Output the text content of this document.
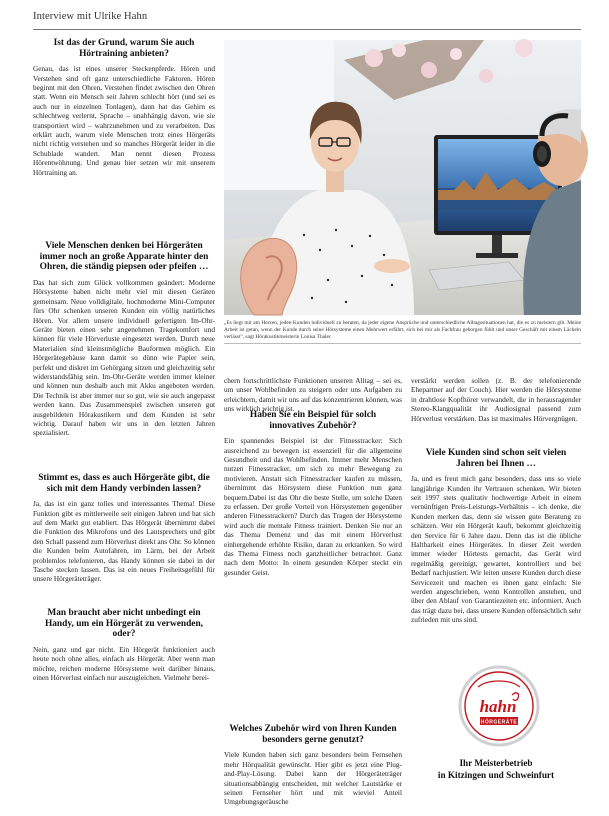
Interview mit Ulrike Hahn
Ist das der Grund, warum Sie auch Hörtraining anbieten?

Genau, das ist eines unserer Steckenpferde. Hören und Verstehen sind oft ganz unterschiedliche Faktoren. Hören beginnt mit den Ohren, Verstehen findet zwischen den Ohren statt. Wenn ein Mensch seit Jahren schlecht hört (und sei es auch nur in einzelnen Tonlagen), dann hat das Gehirn es schlechtweg verlernt, Sprache – unabhängig davon, wie sie transportiert wird – wahrzunehmen und zu verarbeiten. Das erklärt auch, warum viele Menschen trotz eines Hörgeräts nicht richtig verstehen und so manches Hörgerät leider in die Schublade wandert. Man nennt diesen Prozess Hörentwöhnung. Und genau hier setzen wir mit unserem Hörtraining an.

Viele Menschen denken bei Hörgeräten immer noch an große Apparate hinter den Ohren, die ständig piepsen oder pfeifen …

Das hat sich zum Glück vollkommen geändert: Moderne Hörsysteme haben nicht mehr viel mit diesen Geräten gemeinsam. Neue volldigitale, hochmoderne Mini-Computer fürs Ohr schenken unseren Kunden ein völlig natürliches Hören. Vor allem unsere individuell gefertigten Im-Ohr-Geräte bieten einen sehr angenehmen Tragekomfort und können für viele Hörverluste eingesetzt werden. Durch neue Materialien sind kleinstmögliche Bauformen möglich. Ein Hörgerätegehäuse kann damit so dünn wie Papier sein, perfekt und diskret im Gehörgang sitzen und gleichzeitig sehr widerstandsfähig sein. Im-Ohr-Geräte werden immer kleiner und können nun deshalb auch mit Akku angeboten werden. Die Technik ist aber immer nur so gut, wie sie auch angepasst werden kann. Das Zusammenspiel zwischen unseren gut ausgebildeten Hörakustikern und dem Kunden ist sehr wichtig. Darauf haben wir uns in den letzten Jahren spezialisiert.

Stimmt es, dass es auch Hörgeräte gibt, die sich mit dem Handy verbinden lassen?

Ja, das ist ein ganz tolles und interessantes Thema! Diese Funktion gibt es mittlerweile seit einigen Jahren und hat sich auf dem Markt gut etabliert. Das Hörgerät übernimmt dabei die Funktion des Mikrofons und des Lautsprechers und gibt den Schall passend zum Hörverlust direkt ans Ohr. So können die Kunden beim Autofahren, im Lärm, bei der Arbeit problemlos telefonieren, das Handy können sie dabei in der Tasche stecken lassen. Das ist ein neues Freiheitsgefühl für unsere Hörgeräteträger.

Man braucht aber nicht unbedingt ein Handy, um ein Hörgerät zu verwenden, oder?

Nein, ganz und gar nicht. Ein Hörgerät funktioniert auch heute noch ohne alles, einfach als Hörgerät. Aber wenn man möchte, reichen moderne Hörsysteme weit darüber hinaus, einen Hörverlust einfach nur auszugleichen. Vielmehr berei-

„Es liegt mir am Herzen, jeden Kunden individuell zu beraten, da jeder eigene Ansprüche und unterschiedliche Alltagssituationen hat, die es zu meistern gilt. Meine Arbeit ist getan, wenn der Kunde durch seine Hörsysteme einen Mehrwert erfährt, sich bei mir als Fachfrau geborgen fühlt und unser Geschäft mit einem Lächeln verlässt", sagt Hörakustikmeisterin Louisa Thaler.

chern fortschrittlichste Funktionen unseren Alltag – sei es, um unser Wohlbefinden zu steigern oder uns Aufgaben zu erleichtern, damit wir uns auf das konzentrieren können, was uns wirklich wichtig ist.

Haben Sie ein Beispiel für solch innovatives Zubehör?

Ein spannendes Beispiel ist der Fitnesstracker: Sich ausreichend zu bewegen ist essenziell für die allgemeine Gesundheit und das Wohlbefinden. Immer mehr Menschen nutzen Fitnesstracker, um sich zu mehr Bewegung zu motivieren. Anstatt sich Fitnesstracker kaufen zu müssen, übernimmt das Hörsystem diese Funktion nun ganz bequem.Dabei ist das Ohr die beste Stelle, um solche Daten zu erfassen. Der große Vorteil von Hörsystemen gegenüber anderen Fitnesstrackern? Durch das Tragen der Hörsysteme wird auch die mentale Fitness trainiert. Denken Sie nur an das Thema Demenz und das mit einem Hörverlust einhergehende erhöhte Risiko, daran zu erkranken. So wird das Thema Fitness noch ganzheitlicher betrachtet. Ganz nach dem Motto: In einem gesunden Körper steckt ein gesunder Geist.

Welches Zubehör wird von Ihren Kunden besonders gerne genutzt?

Viele Kunden haben sich ganz besonders beim Fernsehen mehr Hörqualität gewünscht. Hier gibt es jetzt eine Plug-and-Play-Lösung. Dabei kann der Hörgeräteträger situationsabhängig entscheiden, mit welcher Lautstärke er seinen Fernseher hört und mit wieviel Anteil Umgebungsgeräusche

verstärkt werden sollen (z. B. der telefonierende Ehepartner auf der Couch). Hier werden die Hörsysteme in drahtlose Kopfhörer verwandelt, die in herausragender Stereo-Klangqualität ihr Audiosignal passend zum Hörverlust verstärken. Das ist maximales Hörvergnügen.

Viele Kunden sind schon seit vielen Jahren bei Ihnen …

Ja, und es freut mich ganz besonders, dass uns so viele langjährige Kunden ihr Vertrauen schenken. Wir bieten seit 1997 stets qualitativ hochwertige Arbeit in einem vernünftigen Preis-Leistungs-Verhältnis – ich denke, die Kunden merken das, denn sie wissen gute Beratung zu schätzen. Wer ein Hörgerät kauft, bekommt gleichzeitig den Service für 6 Jahre dazu. Denn das ist die übliche Haltbarkeit eines Hörgerätes. In dieser Zeit werden immer wieder Hörtests gemacht, das Gerät wird regelmäßig gereinigt, gewartet, kontrolliert und bei Bedarf nachjustiert. Wir leiten unsere Kunden durch diese Servicezeit und machen es ihnen ganz einfach: Sie werden angeschrieben, wenn Kontrollen anstehen, und über den Ablauf von Garantiezeiten etc. informiert. Auch das trägt dazu bei, dass unsere Kunden offensichtlich sehr zufrieden mit uns sind.

hahn
HÖRGERÄTE
Ihr Meisterbetrieb
in Kitzingen und Schweinfurt
